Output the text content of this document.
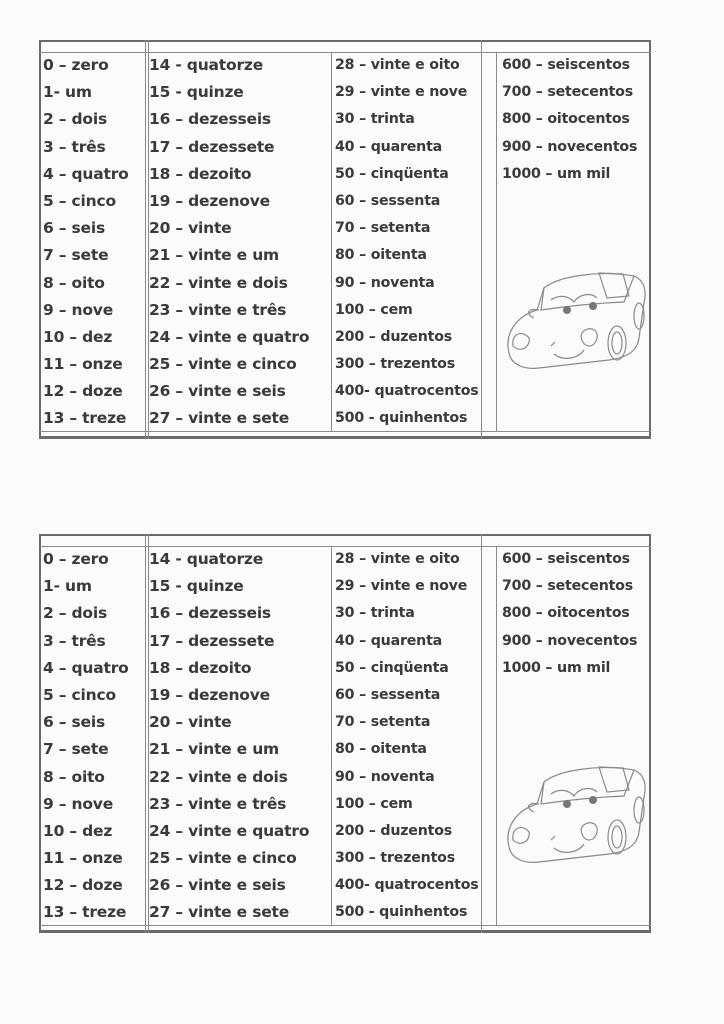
0 – zero
1- um
2 – dois
3 – três
4 – quatro
5 – cinco
6 – seis
7 – sete
8 – oito
9 – nove
10 – dez
11 – onze
12 – doze
13 – treze
14 - quatorze
15 - quinze
16 – dezesseis
17 – dezessete
18 – dezoito
19 – dezenove
20 – vinte
21 – vinte e um
22 – vinte e dois
23 – vinte e três
24 – vinte e quatro
25 – vinte e cinco
26 – vinte e seis
27 – vinte e sete
28 – vinte e oito
29 – vinte e nove
30 – trinta
40 – quarenta
50 – cinqüenta
60 – sessenta
70 – setenta
80 – oitenta
90 – noventa
100 – cem
200 – duzentos
300 – trezentos
400- quatrocentos
500 - quinhentos
600 – seiscentos
700 – setecentos
800 – oitocentos
900 – novecentos
1000 – um mil
0 – zero
1- um
2 – dois
3 – três
4 – quatro
5 – cinco
6 – seis
7 – sete
8 – oito
9 – nove
10 – dez
11 – onze
12 – doze
13 – treze
14 - quatorze
15 - quinze
16 – dezesseis
17 – dezessete
18 – dezoito
19 – dezenove
20 – vinte
21 – vinte e um
22 – vinte e dois
23 – vinte e três
24 – vinte e quatro
25 – vinte e cinco
26 – vinte e seis
27 – vinte e sete
28 – vinte e oito
29 – vinte e nove
30 – trinta
40 – quarenta
50 – cinqüenta
60 – sessenta
70 – setenta
80 – oitenta
90 – noventa
100 – cem
200 – duzentos
300 – trezentos
400- quatrocentos
500 - quinhentos
600 – seiscentos
700 – setecentos
800 – oitocentos
900 – novecentos
1000 – um mil
